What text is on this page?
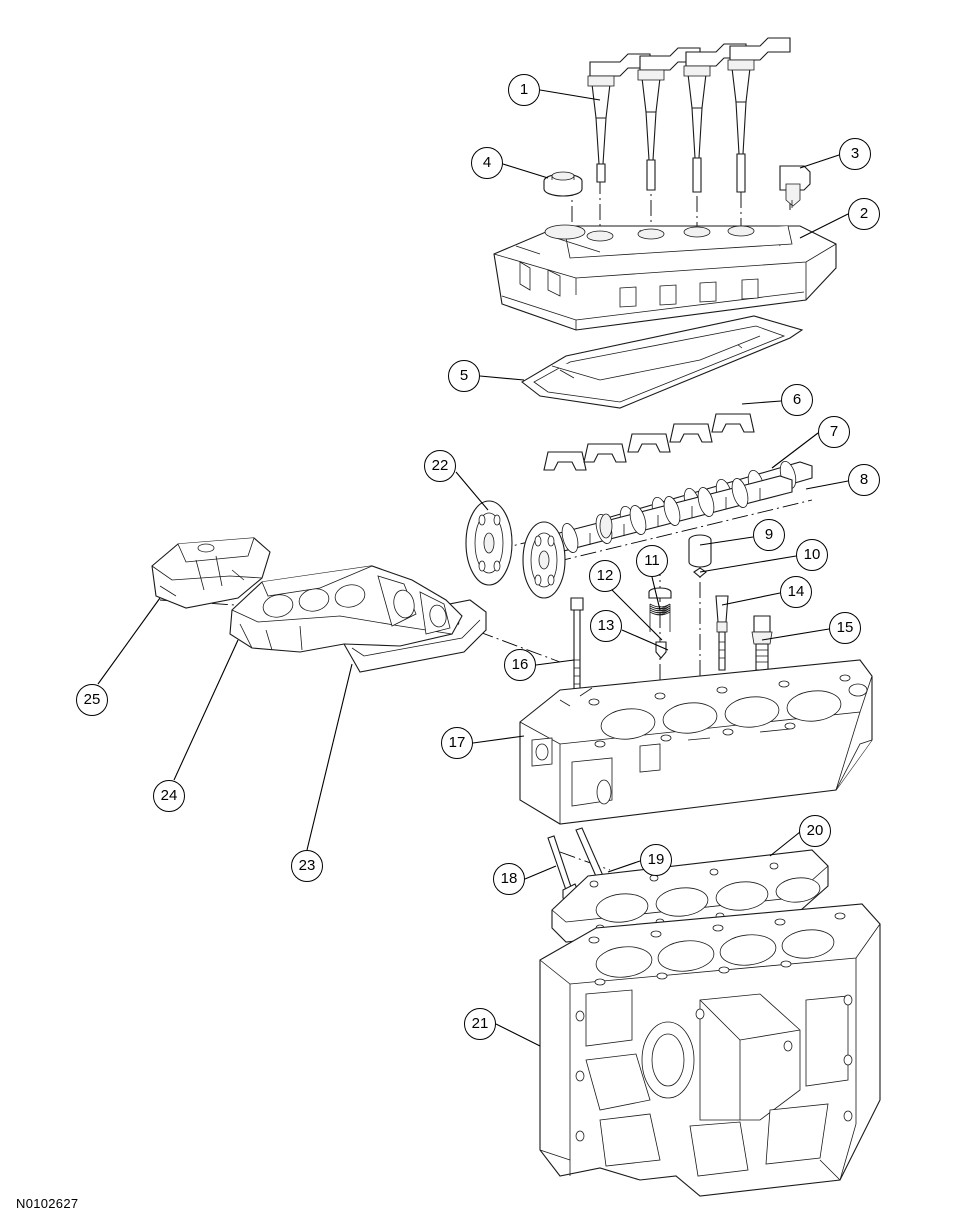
1
2
3
4
5
6
7
8
9
10
11
12
13
14
15
16
17
18
19
20
21
22
23
24
25
N0102627
